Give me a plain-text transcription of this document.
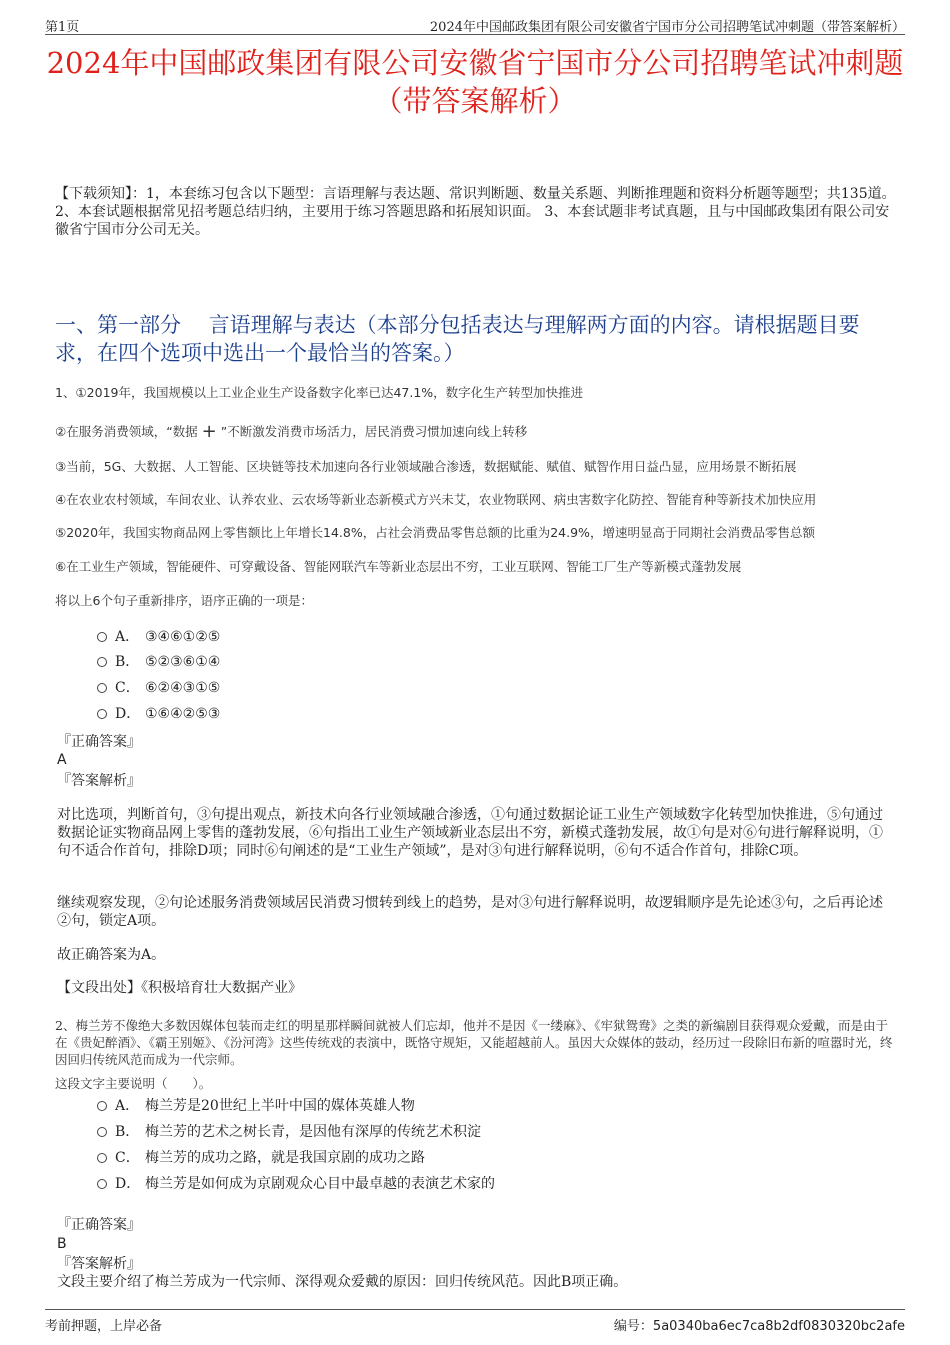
第1页	2024年中国邮政集团有限公司安徽省宁国市分公司招聘笔试冲刺题（带答案解析）
2024年中国邮政集团有限公司安徽省宁国市分公司招聘笔试冲刺题（带答案解析）
【下载须知】：1，本套练习包含以下题型：言语理解与表达题、常识判断题、数量关系题、判断推理题和资料分析题等题型；共135道。 2、本套试题根据常见招考题总结归纳，主要用于练习答题思路和拓展知识面。 3、本套试题非考试真题，且与中国邮政集团有限公司安徽省宁国市分公司无关。
一、第一部分　 言语理解与表达（本部分包括表达与理解两方面的内容。请根据题目要求，在四个选项中选出一个最恰当的答案。）
1、①2019年，我国规模以上工业企业生产设备数字化率已达47.1%，数字化生产转型加快推进
②在服务消费领域，“数据 + ”不断激发消费市场活力，居民消费习惯加速向线上转移
③当前，5G、大数据、人工智能、区块链等技术加速向各行业领域融合渗透，数据赋能、赋值、赋智作用日益凸显，应用场景不断拓展
④在农业农村领域，车间农业、认养农业、云农场等新业态新模式方兴未艾，农业物联网、病虫害数字化防控、智能育种等新技术加快应用
⑤2020年，我国实物商品网上零售额比上年增长14.8%，占社会消费品零售总额的比重为24.9%，增速明显高于同期社会消费品零售总额
⑥在工业生产领域，智能硬件、可穿戴设备、智能网联汽车等新业态层出不穷，工业互联网、智能工厂生产等新模式蓬勃发展
将以上6个句子重新排序，语序正确的一项是：
A． ③④⑥①②⑤
B． ⑤②③⑥①④
C． ⑥②④③①⑤
D． ①⑥④②⑤③
『正确答案』
A
『答案解析』
对比选项，判断首句，③句提出观点，新技术向各行业领域融合渗透，①句通过数据论证工业生产领域数字化转型加快推进，⑤句通过数据论证实物商品网上零售的蓬勃发展，⑥句指出工业生产领域新业态层出不穷，新模式蓬勃发展，故①句是对⑥句进行解释说明，①句不适合作首句，排除D项；同时⑥句阐述的是“工业生产领域”，是对③句进行解释说明，⑥句不适合作首句，排除C项。
继续观察发现，②句论述服务消费领域居民消费习惯转到线上的趋势，是对③句进行解释说明，故逻辑顺序是先论述③句，之后再论述②句，锁定A项。
故正确答案为A。
【文段出处】《积极培育壮大数据产业》
2、梅兰芳不像绝大多数因媒体包装而走红的明星那样瞬间就被人们忘却，他并不是因《一缕麻》、《牢狱鸳鸯》之类的新编剧目获得观众爱戴，而是由于在《贵妃醉酒》、《霸王别姬》、《汾河湾》这些传统戏的表演中，既恪守规矩，又能超越前人。虽因大众媒体的鼓动，经历过一段除旧布新的喧嚣时光，终因回归传统风范而成为一代宗师。
这段文字主要说明（　　）。
A． 梅兰芳是20世纪上半叶中国的媒体英雄人物
B． 梅兰芳的艺术之树长青，是因他有深厚的传统艺术积淀
C． 梅兰芳的成功之路，就是我国京剧的成功之路
D． 梅兰芳是如何成为京剧观众心目中最卓越的表演艺术家的
『正确答案』
B
『答案解析』
文段主要介绍了梅兰芳成为一代宗师、深得观众爱戴的原因：回归传统风范。因此B项正确。
考前押题，上岸必备	编号：5a0340ba6ec7ca8b2df0830320bc2afe
